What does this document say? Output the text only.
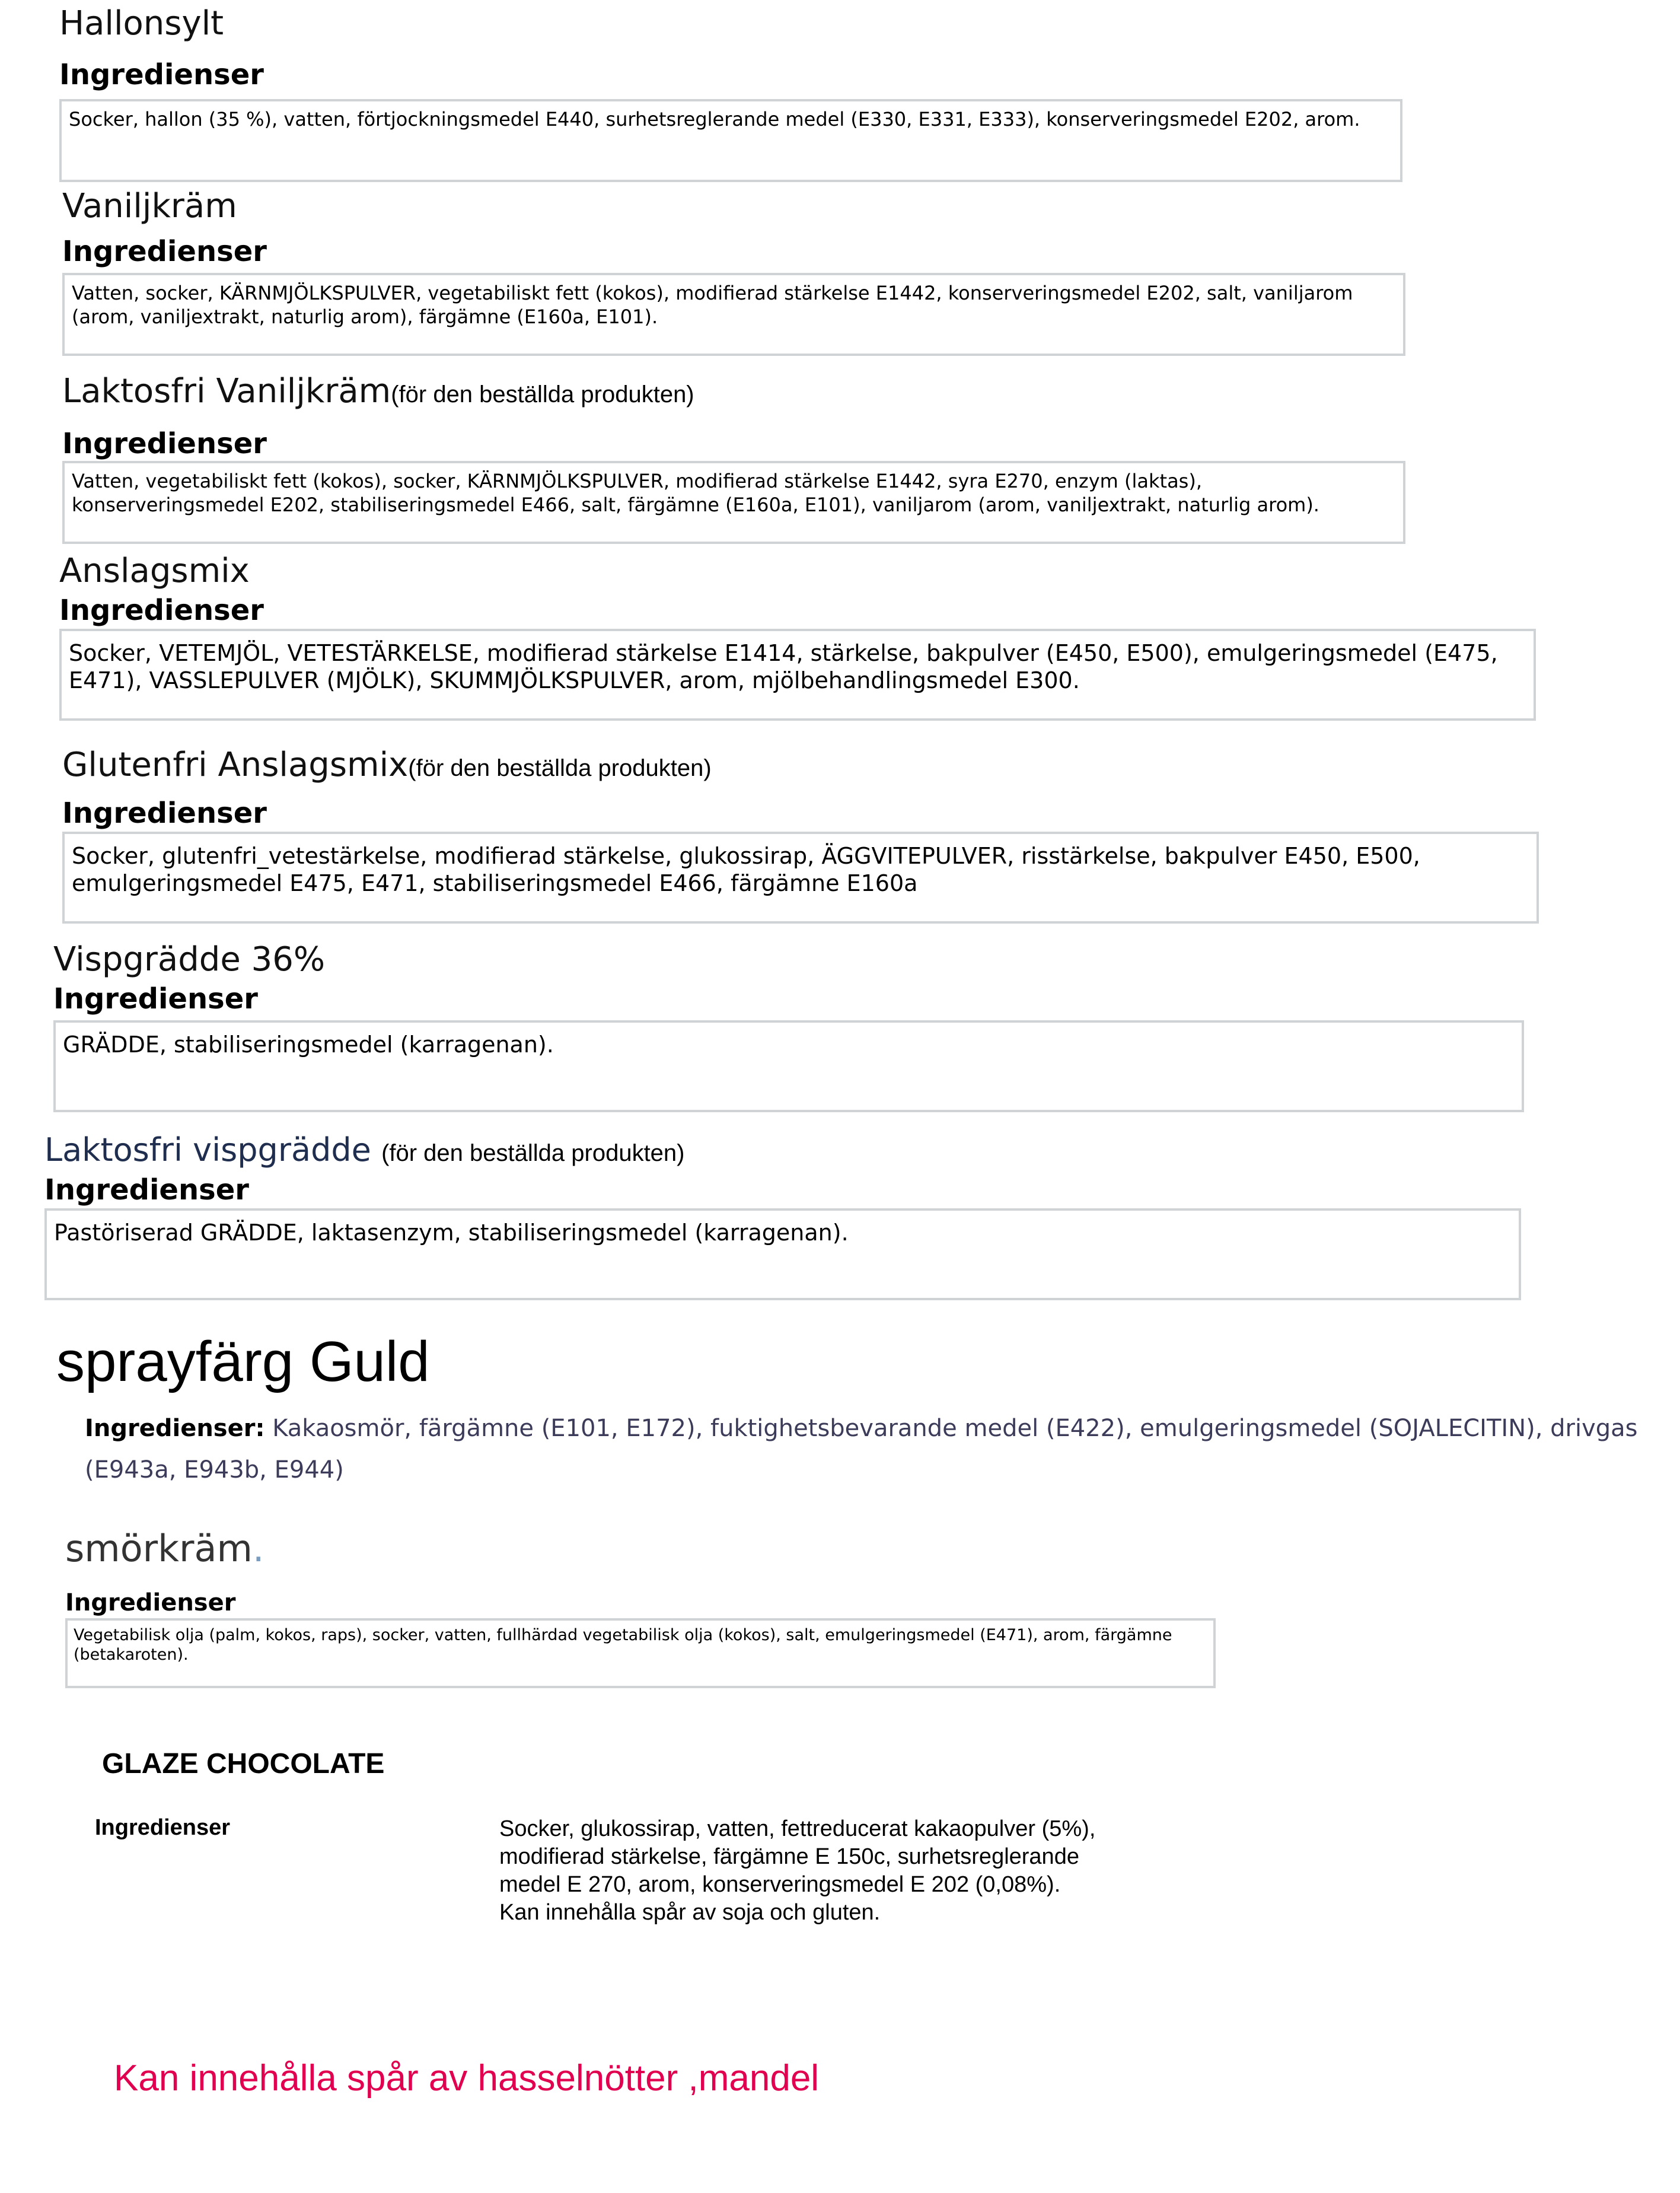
Hallonsylt
Ingredienser
Socker, hallon (35 %), vatten, förtjockningsmedel E440, surhetsreglerande medel (E330, E331, E333), konserveringsmedel E202, arom.
Vaniljkräm
Ingredienser
Vatten, socker, KÄRNMJÖLKSPULVER, vegetabiliskt fett (kokos), modifierad stärkelse E1442, konserveringsmedel E202, salt, vaniljarom (arom, vaniljextrakt, naturlig arom), färgämne (E160a, E101).
Laktosfri Vaniljkräm(för den beställda produkten)
Ingredienser
Vatten, vegetabiliskt fett (kokos), socker, KÄRNMJÖLKSPULVER, modifierad stärkelse E1442, syra E270, enzym (laktas), konserveringsmedel E202, stabiliseringsmedel E466, salt, färgämne (E160a, E101), vaniljarom (arom, vaniljextrakt, naturlig arom).
Anslagsmix
Ingredienser
Socker, VETEMJÖL, VETESTÄRKELSE, modifierad stärkelse E1414, stärkelse, bakpulver (E450, E500), emulgeringsmedel (E475, E471), VASSLEPULVER (MJÖLK), SKUMMJÖLKSPULVER, arom, mjölbehandlingsmedel E300.
Glutenfri Anslagsmix(för den beställda produkten)
Ingredienser
Socker, glutenfri_vetestärkelse, modifierad stärkelse, glukossirap, ÄGGVITEPULVER, risstärkelse, bakpulver E450, E500, emulgeringsmedel E475, E471, stabiliseringsmedel E466, färgämne E160a
Vispgrädde 36%
Ingredienser
GRÄDDE, stabiliseringsmedel (karragenan).
Laktosfri vispgrädde (för den beställda produkten)
Ingredienser
Pastöriserad GRÄDDE, laktasenzym, stabiliseringsmedel (karragenan).
sprayfärg Guld
Ingredienser: Kakaosmör, färgämne (E101, E172), fuktighetsbevarande medel (E422), emulgeringsmedel (SOJALECITIN), drivgas
(E943a, E943b, E944)
smörkräm.
Ingredienser
Vegetabilisk olja (palm, kokos, raps), socker, vatten, fullhärdad vegetabilisk olja (kokos), salt, emulgeringsmedel (E471), arom, färgämne (betakaroten).
GLAZE CHOCOLATE
Ingredienser	Socker, glukossirap, vatten, fettreducerat kakaopulver (5%),
modifierad stärkelse, färgämne E 150c, surhetsreglerande
medel E 270, arom, konserveringsmedel E 202 (0,08%).
Kan innehålla spår av soja och gluten.
Kan innehålla spår av hasselnötter ,mandel
